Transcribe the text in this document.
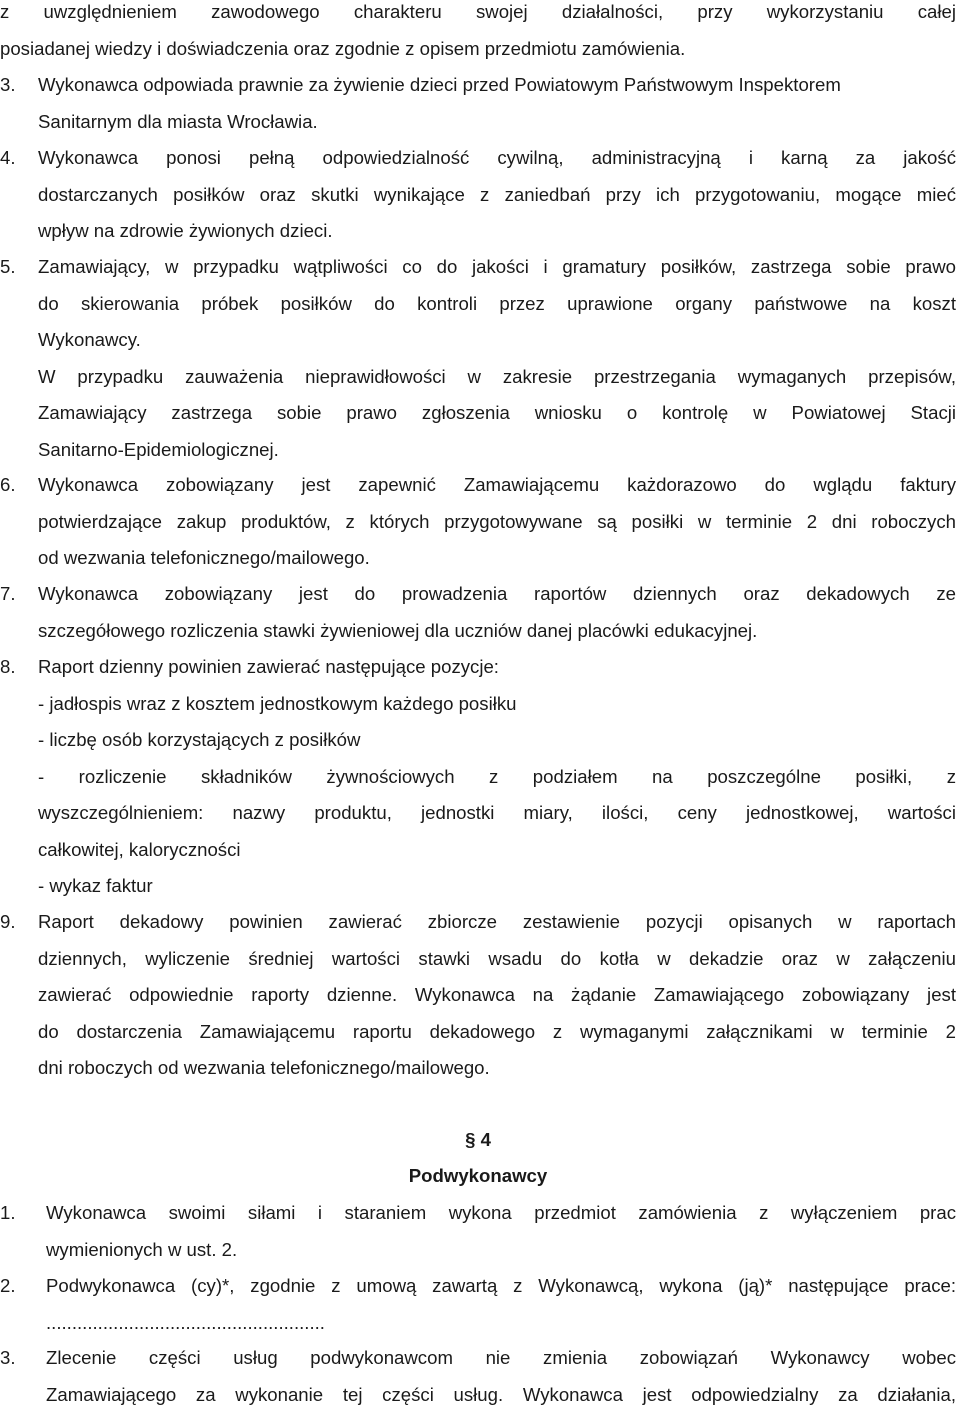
z uwzględnieniem zawodowego charakteru swojej działalności, przy wykorzystaniu całej
posiadanej wiedzy i doświadczenia oraz zgodnie z opisem przedmiotu zamówienia.
3. Wykonawca odpowiada prawnie za żywienie dzieci przed Powiatowym Państwowym Inspektorem
Sanitarnym dla miasta Wrocławia.
4. Wykonawca ponosi pełną odpowiedzialność cywilną, administracyjną i karną za jakość
dostarczanych posiłków oraz skutki wynikające z zaniedbań przy ich przygotowaniu, mogące mieć
wpływ na zdrowie żywionych dzieci.
5. Zamawiający, w przypadku wątpliwości co do jakości i gramatury posiłków, zastrzega sobie prawo
do skierowania próbek posiłków do kontroli przez uprawione organy państwowe na koszt
Wykonawcy.
W przypadku zauważenia nieprawidłowości w zakresie przestrzegania wymaganych przepisów,
Zamawiający zastrzega sobie prawo zgłoszenia wniosku o kontrolę w Powiatowej Stacji
Sanitarno-Epidemiologicznej.
6. Wykonawca zobowiązany jest zapewnić Zamawiającemu każdorazowo do wglądu faktury
potwierdzające zakup produktów, z których przygotowywane są posiłki w terminie 2 dni roboczych
od wezwania telefonicznego/mailowego.
7. Wykonawca zobowiązany jest do prowadzenia raportów dziennych oraz dekadowych ze
szczegółowego rozliczenia stawki żywieniowej dla uczniów danej placówki edukacyjnej.
8. Raport dzienny powinien zawierać następujące pozycje:
- jadłospis wraz z kosztem jednostkowym każdego posiłku
- liczbę osób korzystających z posiłków
- rozliczenie składników żywnościowych z podziałem na poszczególne posiłki, z
wyszczególnieniem: nazwy produktu, jednostki miary, ilości, ceny jednostkowej, wartości
całkowitej, kaloryczności
- wykaz faktur
9. Raport dekadowy powinien zawierać zbiorcze zestawienie pozycji opisanych w raportach
dziennych, wyliczenie średniej wartości stawki wsadu do kotła w dekadzie oraz w załączeniu
zawierać odpowiednie raporty dzienne. Wykonawca na żądanie Zamawiającego zobowiązany jest
do dostarczenia Zamawiającemu raportu dekadowego z wymaganymi załącznikami w terminie 2
dni roboczych od wezwania telefonicznego/mailowego.
§ 4
Podwykonawcy
1. Wykonawca swoimi siłami i staraniem wykona przedmiot zamówienia z wyłączeniem prac
wymienionych w ust. 2.
2. Podwykonawca (cy)*, zgodnie z umową zawartą z Wykonawcą, wykona (ją)* następujące prace:
......................................................
3. Zlecenie części usług podwykonawcom nie zmienia zobowiązań Wykonawcy wobec
Zamawiającego za wykonanie tej części usług. Wykonawca jest odpowiedzialny za działania,
